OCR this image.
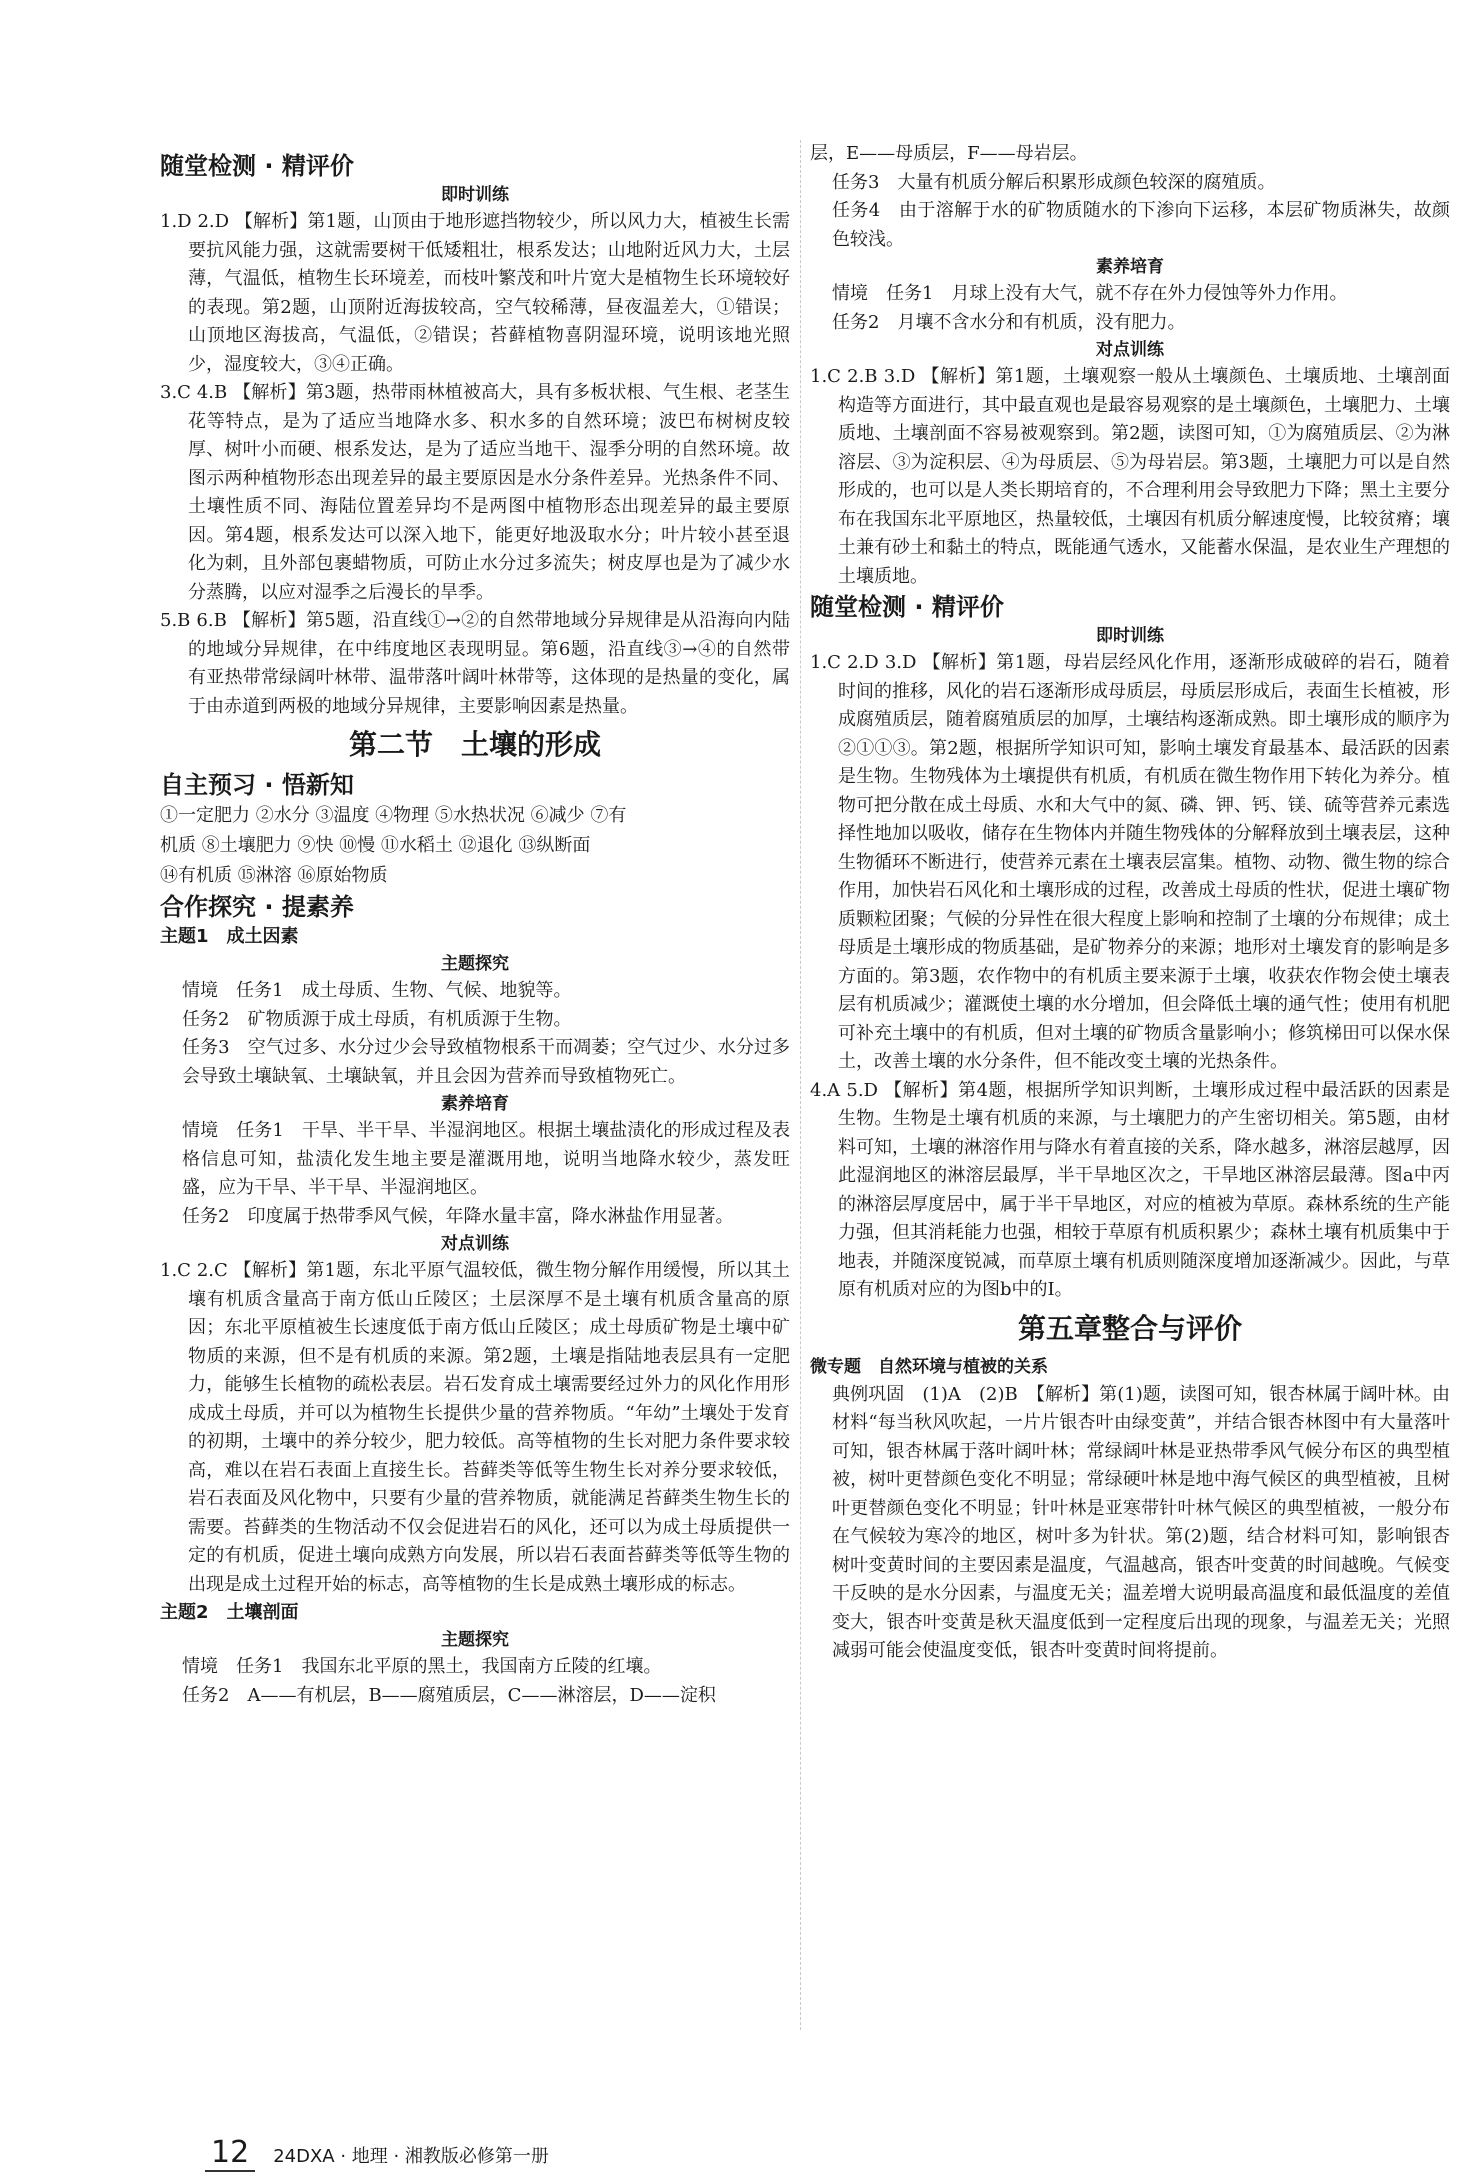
随堂检测 · 精评价
即时训练

1.D 2.D 【解析】第1题，山顶由于地形遮挡物较少，所以风力大，植被生长需要抗风能力强，这就需要树干低矮粗壮，根系发达；山地附近风力大，土层薄，气温低，植物生长环境差，而枝叶繁茂和叶片宽大是植物生长环境较好的表现。第2题，山顶附近海拔较高，空气较稀薄，昼夜温差大，①错误；山顶地区海拔高，气温低，②错误；苔藓植物喜阴湿环境，说明该地光照少，湿度较大，③④正确。

3.C 4.B 【解析】第3题，热带雨林植被高大，具有多板状根、气生根、老茎生花等特点，是为了适应当地降水多、积水多的自然环境；波巴布树树皮较厚、树叶小而硬、根系发达，是为了适应当地干、湿季分明的自然环境。故图示两种植物形态出现差异的最主要原因是水分条件差异。光热条件不同、土壤性质不同、海陆位置差异均不是两图中植物形态出现差异的最主要原因。第4题，根系发达可以深入地下，能更好地汲取水分；叶片较小甚至退化为刺，且外部包裹蜡物质，可防止水分过多流失；树皮厚也是为了减少水分蒸腾，以应对湿季之后漫长的旱季。

5.B 6.B 【解析】第5题，沿直线①→②的自然带地域分异规律是从沿海向内陆的地域分异规律，在中纬度地区表现明显。第6题，沿直线③→④的自然带有亚热带常绿阔叶林带、温带落叶阔叶林带等，这体现的是热量的变化，属于由赤道到两极的地域分异规律，主要影响因素是热量。

第二节　土壤的形成
自主预习 · 悟新知

①一定肥力 ②水分 ③温度 ④物理 ⑤水热状况 ⑥减少 ⑦有

机质 ⑧土壤肥力 ⑨快 ⑩慢 ⑪水稻土 ⑫退化 ⑬纵断面

⑭有机质 ⑮淋溶 ⑯原始物质

合作探究 · 提素养
主题1　成土因素
主题探究

情境　任务1　成土母质、生物、气候、地貌等。

任务2　矿物质源于成土母质，有机质源于生物。

任务3　空气过多、水分过少会导致植物根系干而凋萎；空气过少、水分过多会导致土壤缺氧、土壤缺氧，并且会因为营养而导致植物死亡。

素养培育

情境　任务1　干旱、半干旱、半湿润地区。根据土壤盐渍化的形成过程及表格信息可知，盐渍化发生地主要是灌溉用地，说明当地降水较少，蒸发旺盛，应为干旱、半干旱、半湿润地区。

任务2　印度属于热带季风气候，年降水量丰富，降水淋盐作用显著。

对点训练

1.C 2.C 【解析】第1题，东北平原气温较低，微生物分解作用缓慢，所以其土壤有机质含量高于南方低山丘陵区；土层深厚不是土壤有机质含量高的原因；东北平原植被生长速度低于南方低山丘陵区；成土母质矿物是土壤中矿物质的来源，但不是有机质的来源。第2题，土壤是指陆地表层具有一定肥力，能够生长植物的疏松表层。岩石发育成土壤需要经过外力的风化作用形成成土母质，并可以为植物生长提供少量的营养物质。“年幼”土壤处于发育的初期，土壤中的养分较少，肥力较低。高等植物的生长对肥力条件要求较高，难以在岩石表面上直接生长。苔藓类等低等生物生长对养分要求较低，岩石表面及风化物中，只要有少量的营养物质，就能满足苔藓类生物生长的需要。苔藓类的生物活动不仅会促进岩石的风化，还可以为成土母质提供一定的有机质，促进土壤向成熟方向发展，所以岩石表面苔藓类等低等生物的出现是成土过程开始的标志，高等植物的生长是成熟土壤形成的标志。

主题2　土壤剖面
主题探究

情境　任务1　我国东北平原的黑土，我国南方丘陵的红壤。

任务2　A——有机层，B——腐殖质层，C——淋溶层，D——淀积

层，E——母质层，F——母岩层。

任务3　大量有机质分解后积累形成颜色较深的腐殖质。

任务4　由于溶解于水的矿物质随水的下渗向下运移，本层矿物质淋失，故颜色较浅。

素养培育

情境　任务1　月球上没有大气，就不存在外力侵蚀等外力作用。

任务2　月壤不含水分和有机质，没有肥力。

对点训练

1.C 2.B 3.D 【解析】第1题，土壤观察一般从土壤颜色、土壤质地、土壤剖面构造等方面进行，其中最直观也是最容易观察的是土壤颜色，土壤肥力、土壤质地、土壤剖面不容易被观察到。第2题，读图可知，①为腐殖质层、②为淋溶层、③为淀积层、④为母质层、⑤为母岩层。第3题，土壤肥力可以是自然形成的，也可以是人类长期培育的，不合理利用会导致肥力下降；黑土主要分布在我国东北平原地区，热量较低，土壤因有机质分解速度慢，比较贫瘠；壤土兼有砂土和黏土的特点，既能通气透水，又能蓄水保温，是农业生产理想的土壤质地。

随堂检测 · 精评价
即时训练

1.C 2.D 3.D 【解析】第1题，母岩层经风化作用，逐渐形成破碎的岩石，随着时间的推移，风化的岩石逐渐形成母质层，母质层形成后，表面生长植被，形成腐殖质层，随着腐殖质层的加厚，土壤结构逐渐成熟。即土壤形成的顺序为②①①③。第2题，根据所学知识可知，影响土壤发育最基本、最活跃的因素是生物。生物残体为土壤提供有机质，有机质在微生物作用下转化为养分。植物可把分散在成土母质、水和大气中的氮、磷、钾、钙、镁、硫等营养元素选择性地加以吸收，储存在生物体内并随生物残体的分解释放到土壤表层，这种生物循环不断进行，使营养元素在土壤表层富集。植物、动物、微生物的综合作用，加快岩石风化和土壤形成的过程，改善成土母质的性状，促进土壤矿物质颗粒团聚；气候的分异性在很大程度上影响和控制了土壤的分布规律；成土母质是土壤形成的物质基础，是矿物养分的来源；地形对土壤发育的影响是多方面的。第3题，农作物中的有机质主要来源于土壤，收获农作物会使土壤表层有机质减少；灌溉使土壤的水分增加，但会降低土壤的通气性；使用有机肥可补充土壤中的有机质，但对土壤的矿物质含量影响小；修筑梯田可以保水保土，改善土壤的水分条件，但不能改变土壤的光热条件。

4.A 5.D 【解析】第4题，根据所学知识判断，土壤形成过程中最活跃的因素是生物。生物是土壤有机质的来源，与土壤肥力的产生密切相关。第5题，由材料可知，土壤的淋溶作用与降水有着直接的关系，降水越多，淋溶层越厚，因此湿润地区的淋溶层最厚，半干旱地区次之，干旱地区淋溶层最薄。图a中丙的淋溶层厚度居中，属于半干旱地区，对应的植被为草原。森林系统的生产能力强，但其消耗能力也强，相较于草原有机质积累少；森林土壤有机质集中于地表，并随深度锐减，而草原土壤有机质则随深度增加逐渐减少。因此，与草原有机质对应的为图b中的Ⅰ。

第五章整合与评价
微专题　自然环境与植被的关系

典例巩固　(1)A　(2)B　【解析】第(1)题，读图可知，银杏林属于阔叶林。由材料“每当秋风吹起，一片片银杏叶由绿变黄”，并结合银杏林图中有大量落叶可知，银杏林属于落叶阔叶林；常绿阔叶林是亚热带季风气候分布区的典型植被，树叶更替颜色变化不明显；常绿硬叶林是地中海气候区的典型植被，且树叶更替颜色变化不明显；针叶林是亚寒带针叶林气候区的典型植被，一般分布在气候较为寒冷的地区，树叶多为针状。第(2)题，结合材料可知，影响银杏树叶变黄时间的主要因素是温度，气温越高，银杏叶变黄的时间越晚。气候变干反映的是水分因素，与温度无关；温差增大说明最高温度和最低温度的差值变大，银杏叶变黄是秋天温度低到一定程度后出现的现象，与温差无关；光照减弱可能会使温度变低，银杏叶变黄时间将提前。

12	24DXA · 地理 · 湘教版必修第一册
